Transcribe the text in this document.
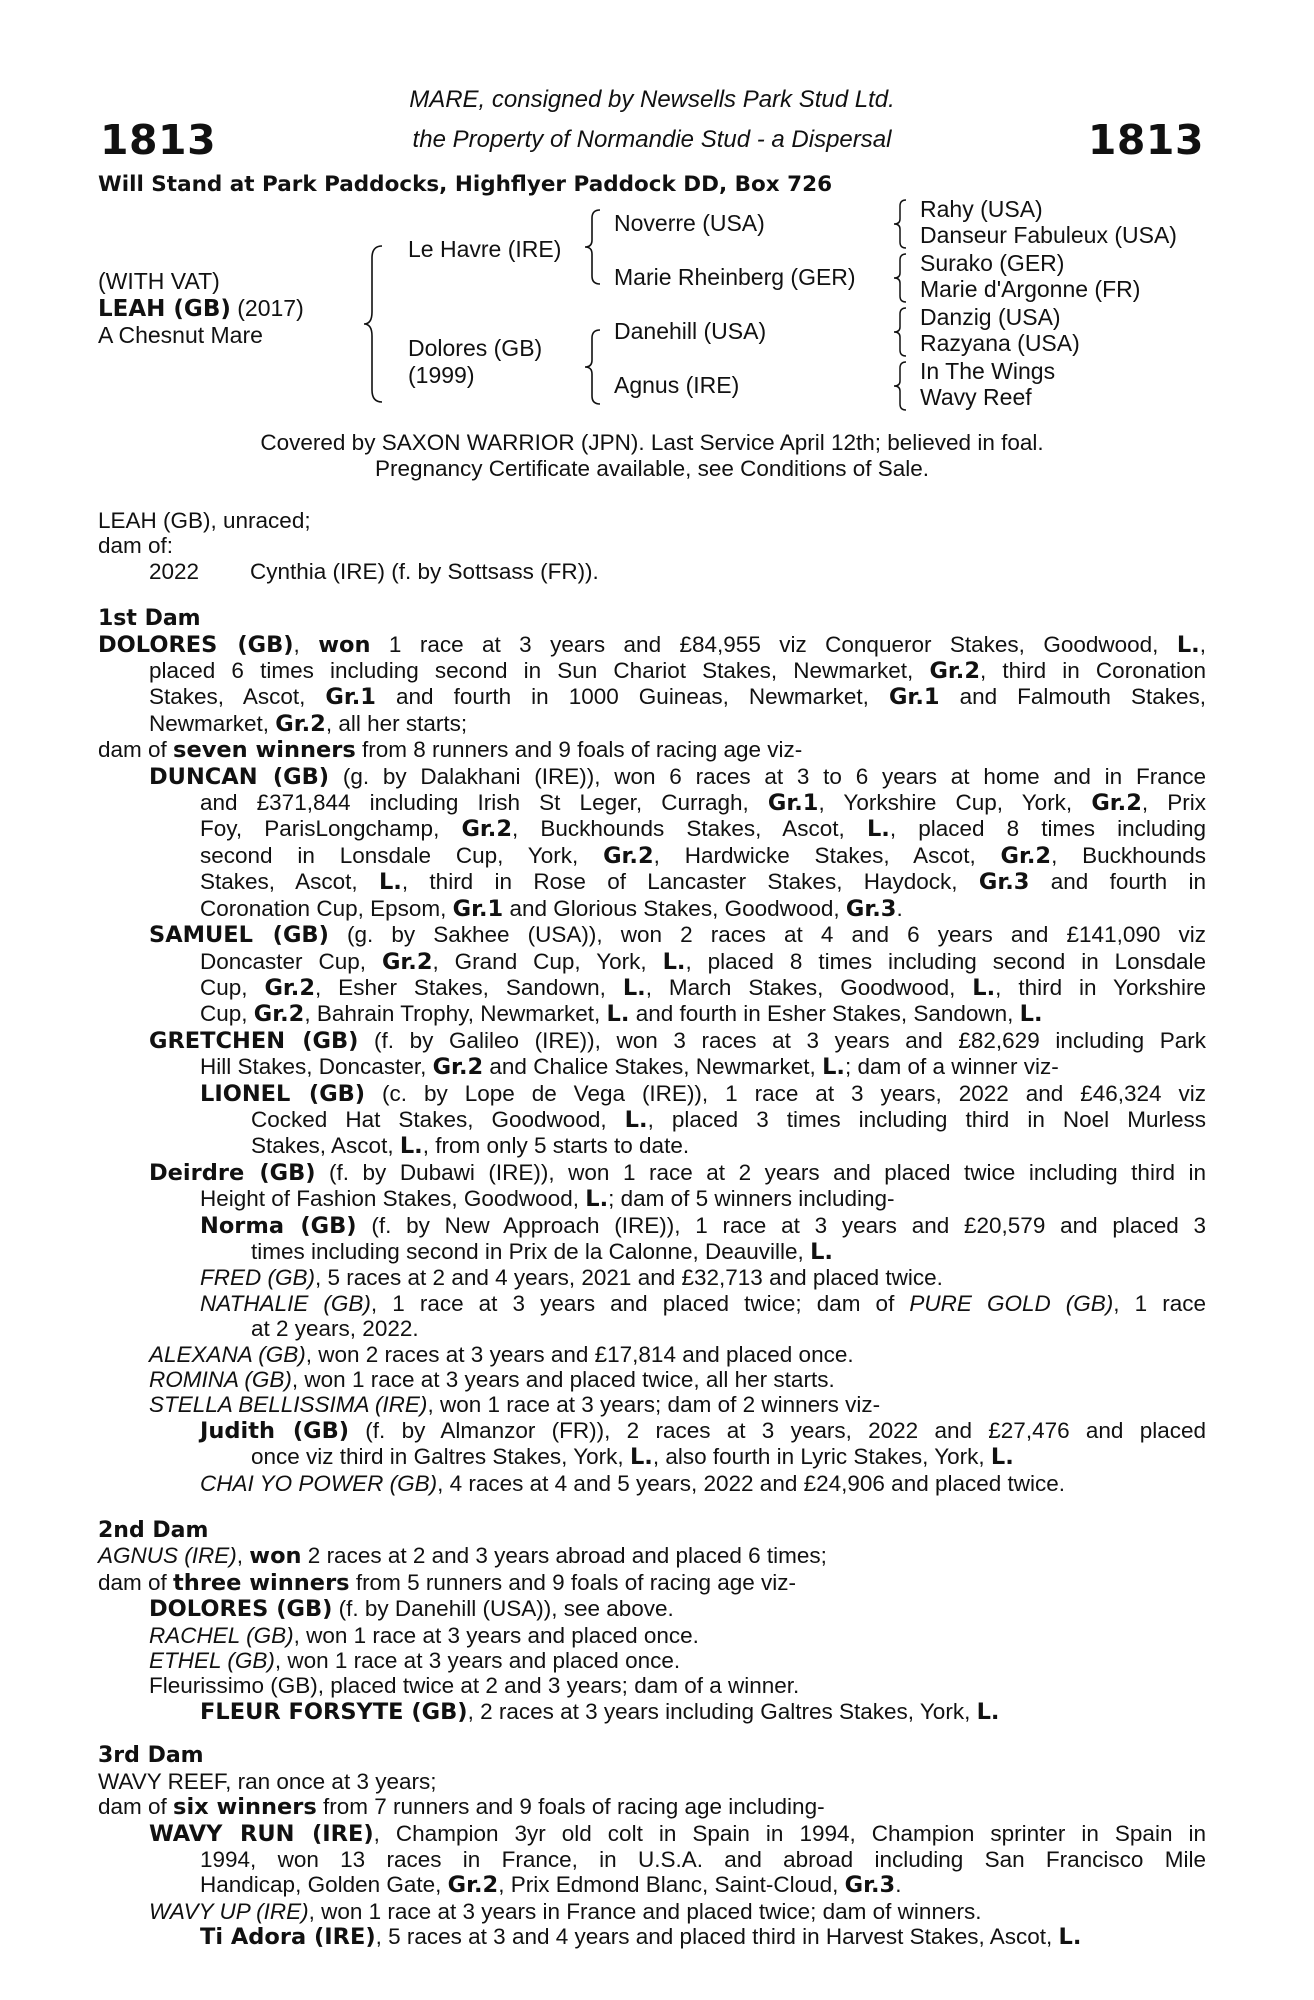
1813
MARE, consigned by Newsells Park Stud Ltd.
the Property of Normandie Stud - a Dispersal	1813
Will Stand at Park Paddocks, Highflyer Paddock DD, Box 726
(WITH VAT)
LEAH (GB) (2017)
A Chesnut Mare
Le Havre (IRE)
Dolores (GB)
(1999)
Noverre (USA)
Marie Rheinberg (GER)
Danehill (USA)
Agnus (IRE)
Rahy (USA)
Danseur Fabuleux (USA)
Surako (GER)
Marie d'Argonne (FR)
Danzig (USA)
Razyana (USA)
In The Wings
Wavy Reef
Covered by SAXON WARRIOR (JPN). Last Service April 12th; believed in foal.
Pregnancy Certificate available, see Conditions of Sale.
LEAH (GB), unraced;
dam of:
2022 Cynthia (IRE) (f. by Sottsass (FR)).
1st Dam
DOLORES (GB), won 1 race at 3 years and £84,955 viz Conqueror Stakes, Goodwood, L.,
placed 6 times including second in Sun Chariot Stakes, Newmarket, Gr.2, third in Coronation
Stakes, Ascot, Gr.1 and fourth in 1000 Guineas, Newmarket, Gr.1 and Falmouth Stakes,
Newmarket, Gr.2, all her starts;
dam of seven winners from 8 runners and 9 foals of racing age viz-
DUNCAN (GB) (g. by Dalakhani (IRE)), won 6 races at 3 to 6 years at home and in France
and £371,844 including Irish St Leger, Curragh, Gr.1, Yorkshire Cup, York, Gr.2, Prix
Foy, ParisLongchamp, Gr.2, Buckhounds Stakes, Ascot, L., placed 8 times including
second in Lonsdale Cup, York, Gr.2, Hardwicke Stakes, Ascot, Gr.2, Buckhounds
Stakes, Ascot, L., third in Rose of Lancaster Stakes, Haydock, Gr.3 and fourth in
Coronation Cup, Epsom, Gr.1 and Glorious Stakes, Goodwood, Gr.3.
SAMUEL (GB) (g. by Sakhee (USA)), won 2 races at 4 and 6 years and £141,090 viz
Doncaster Cup, Gr.2, Grand Cup, York, L., placed 8 times including second in Lonsdale
Cup, Gr.2, Esher Stakes, Sandown, L., March Stakes, Goodwood, L., third in Yorkshire
Cup, Gr.2, Bahrain Trophy, Newmarket, L. and fourth in Esher Stakes, Sandown, L.
GRETCHEN (GB) (f. by Galileo (IRE)), won 3 races at 3 years and £82,629 including Park
Hill Stakes, Doncaster, Gr.2 and Chalice Stakes, Newmarket, L.; dam of a winner viz-
LIONEL (GB) (c. by Lope de Vega (IRE)), 1 race at 3 years, 2022 and £46,324 viz
Cocked Hat Stakes, Goodwood, L., placed 3 times including third in Noel Murless
Stakes, Ascot, L., from only 5 starts to date.
Deirdre (GB) (f. by Dubawi (IRE)), won 1 race at 2 years and placed twice including third in
Height of Fashion Stakes, Goodwood, L.; dam of 5 winners including-
Norma (GB) (f. by New Approach (IRE)), 1 race at 3 years and £20,579 and placed 3
times including second in Prix de la Calonne, Deauville, L.
FRED (GB), 5 races at 2 and 4 years, 2021 and £32,713 and placed twice.
NATHALIE (GB), 1 race at 3 years and placed twice; dam of PURE GOLD (GB), 1 race
at 2 years, 2022.
ALEXANA (GB), won 2 races at 3 years and £17,814 and placed once.
ROMINA (GB), won 1 race at 3 years and placed twice, all her starts.
STELLA BELLISSIMA (IRE), won 1 race at 3 years; dam of 2 winners viz-
Judith (GB) (f. by Almanzor (FR)), 2 races at 3 years, 2022 and £27,476 and placed
once viz third in Galtres Stakes, York, L., also fourth in Lyric Stakes, York, L.
CHAI YO POWER (GB), 4 races at 4 and 5 years, 2022 and £24,906 and placed twice.
2nd Dam
AGNUS (IRE), won 2 races at 2 and 3 years abroad and placed 6 times;
dam of three winners from 5 runners and 9 foals of racing age viz-
DOLORES (GB) (f. by Danehill (USA)), see above.
RACHEL (GB), won 1 race at 3 years and placed once.
ETHEL (GB), won 1 race at 3 years and placed once.
Fleurissimo (GB), placed twice at 2 and 3 years; dam of a winner.
FLEUR FORSYTE (GB), 2 races at 3 years including Galtres Stakes, York, L.
3rd Dam
WAVY REEF, ran once at 3 years;
dam of six winners from 7 runners and 9 foals of racing age including-
WAVY RUN (IRE), Champion 3yr old colt in Spain in 1994, Champion sprinter in Spain in
1994, won 13 races in France, in U.S.A. and abroad including San Francisco Mile
Handicap, Golden Gate, Gr.2, Prix Edmond Blanc, Saint-Cloud, Gr.3.
WAVY UP (IRE), won 1 race at 3 years in France and placed twice; dam of winners.
Ti Adora (IRE), 5 races at 3 and 4 years and placed third in Harvest Stakes, Ascot, L.
